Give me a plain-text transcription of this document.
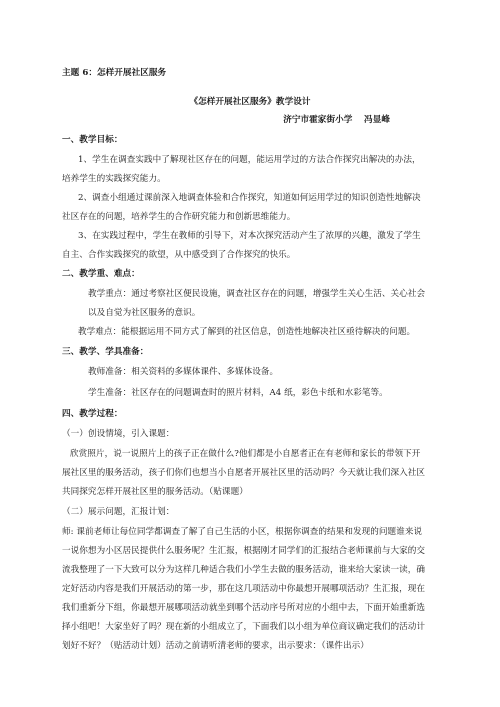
主题 6：怎样开展社区服务
《怎样开展社区服务》教学设计
济宁市霍家街小学　 冯显峰
一、教学目标：
1、学生在调查实践中了解现社区存在的问题，能运用学过的方法合作探究出解决的办法，
培养学生的实践探究能力。
2、调查小组通过课前深入地调查体验和合作探究，知道如何运用学过的知识创造性地解决
社区存在的问题，培养学生的合作研究能力和创新思维能力。
3、在实践过程中，学生在教师的引导下，对本次探究活动产生了浓厚的兴趣，激发了学生
自主、合作实践探究的欲望，从中感受到了合作探究的快乐。
二、教学重、难点：
教学重点：通过考察社区便民设施，调查社区存在的问题，增强学生关心生活、关心社会
以及自觉为社区服务的意识。
教学难点：能根据运用不同方式了解到的社区信息，创造性地解决社区亟待解决的问题。
三、教学、学具准备：
教师准备：相关资料的多媒体课件、多媒体设备。
学生准备：社区存在的问题调查时的照片材料，A4 纸，彩色卡纸和水彩笔等。
四、教学过程：
（一）创设情境，引入课题：
欣赏照片，说一说照片上的孩子正在做什么?他们都是小自愿者正在有老师和家长的带领下开
展社区里的服务活动，孩子们你们也想当小自愿者开展社区里的活动吗？今天就让我们深入社区
共同探究怎样开展社区里的服务活动。（贴课题）
（二）展示问题，汇报计划：
师: 课前老师让每位同学都调查了解了自己生活的小区，根据你调查的结果和发现的问题谁来说
一说你想为小区居民提供什么服务呢？生汇报，根据刚才同学们的汇报结合老师课前与大家的交
流我整理了一下大致可以分为这样几种适合我们小学生去做的服务活动，谁来给大家读一读，确
定好活动内容是我们开展活动的第一步，那在这几项活动中你最想开展哪项活动？生汇报，现在
我们重新分下组，你最想开展哪项活动就坐到哪个活动序号所对应的小组中去，下面开始重新选
择小组吧！大家坐好了吗？现在新的小组成立了，下面我们以小组为单位商议确定我们的活动计
划好不好？（贴活动计划）活动之前请听清老师的要求，出示要求：（课件出示）
